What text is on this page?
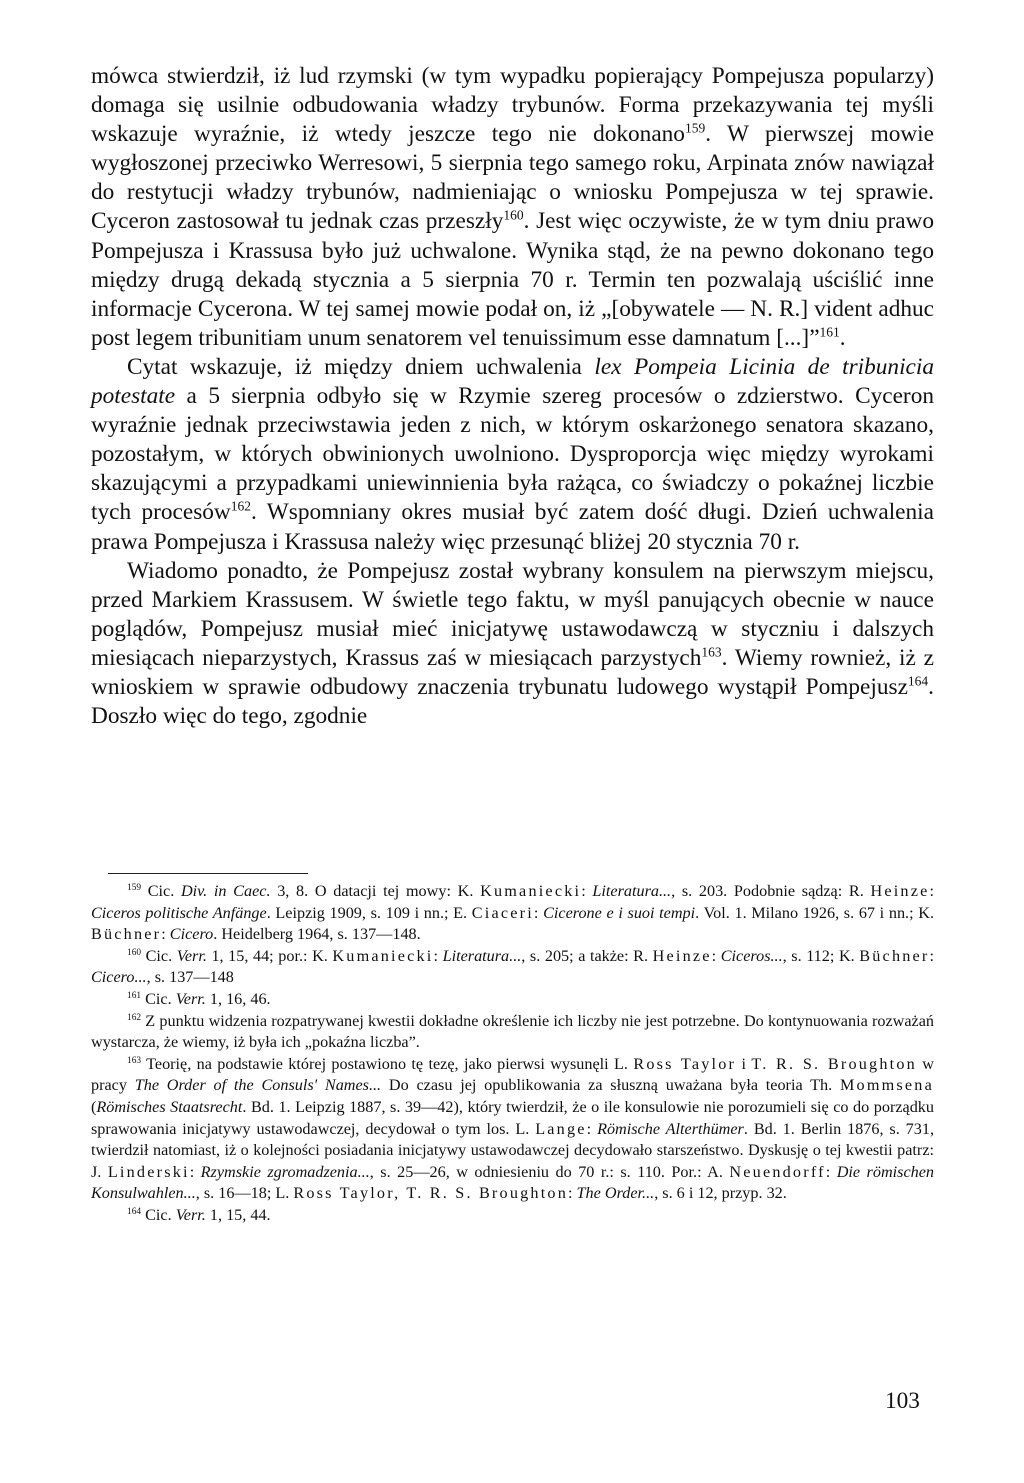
mówca stwierdził, iż lud rzymski (w tym wypadku popierający Pompejusza popularzy) domaga się usilnie odbudowania władzy trybunów. Forma przekazywania tej myśli wskazuje wyraźnie, iż wtedy jeszcze tego nie dokonano$^{159}$. W pierwszej mowie wygłoszonej przeciwko Werresowi, 5 sierpnia tego samego roku, Arpinata znów nawiązał do restytucji władzy trybunów, nadmieniając o wniosku Pompejusza w tej sprawie. Cyceron zastosował tu jednak czas przeszły$^{160}$. Jest więc oczywiste, że w tym dniu prawo Pompejusza i Krassusa było już uchwalone. Wynika stąd, że na pewno dokonano tego między drugą dekadą stycznia a 5 sierpnia 70 r. Termin ten pozwalają uściślić inne informacje Cycerona. W tej samej mowie podał on, iż „[obywatele — N. R.] vident adhuc post legem tribunitiam unum senatorem vel tenuissimum esse damnatum [...]”$^{161}$.

Cytat wskazuje, iż między dniem uchwalenia lex Pompeia Licinia de tribunicia potestate a 5 sierpnia odbyło się w Rzymie szereg procesów o zdzierstwo. Cyceron wyraźnie jednak przeciwstawia jeden z nich, w którym oskarżonego senatora skazano, pozostałym, w których obwinionych uwolniono. Dysproporcja więc między wyrokami skazującymi a przypadkami uniewinnienia była rażąca, co świadczy o pokaźnej liczbie tych procesów$^{162}$. Wspomniany okres musiał być zatem dość długi. Dzień uchwalenia prawa Pompejusza i Krassusa należy więc przesunąć bliżej 20 stycznia 70 r.

Wiadomo ponadto, że Pompejusz został wybrany konsulem na pierwszym miejscu, przed Markiem Krassusem. W świetle tego faktu, w myśl panujących obecnie w nauce poglądów, Pompejusz musiał mieć inicjatywę ustawodawczą w styczniu i dalszych miesiącach nieparzystych, Krassus zaś w miesiącach parzystych$^{163}$. Wiemy rownież, iż z wnioskiem w sprawie odbudowy znaczenia trybunatu ludowego wystąpił Pompejusz$^{164}$. Doszło więc do tego, zgodnie

$^{159}$ Cic. Div. in Caec. 3, 8. O datacji tej mowy: K. Kumaniecki: Literatura..., s. 203. Podobnie sądzą: R. Heinze: Ciceros politische Anfänge. Leipzig 1909, s. 109 i nn.; E. Ciaceri: Cicerone e i suoi tempi. Vol. 1. Milano 1926, s. 67 i nn.; K. Büchner: Cicero. Heidelberg 1964, s. 137—148.

$^{160}$ Cic. Verr. 1, 15, 44; por.: K. Kumaniecki: Literatura..., s. 205; a także: R. Heinze: Ciceros..., s. 112; K. Büchner: Cicero..., s. 137—148

$^{161}$ Cic. Verr. 1, 16, 46.

$^{162}$ Z punktu widzenia rozpatrywanej kwestii dokładne określenie ich liczby nie jest potrzebne. Do kontynuowania rozważań wystarcza, że wiemy, iż była ich „pokaźna liczba”.

$^{163}$ Teorię, na podstawie której postawiono tę tezę, jako pierwsi wysunęli L. Ross Taylor i T. R. S. Broughton w pracy The Order of the Consuls' Names... Do czasu jej opublikowania za słuszną uważana była teoria Th. Mommsena (Römisches Staatsrecht. Bd. 1. Leipzig 1887, s. 39—42), który twierdził, że o ile konsulowie nie porozumieli się co do porządku sprawowania inicjatywy ustawodawczej, decydował o tym los. L. Lange: Römische Alterthümer. Bd. 1. Berlin 1876, s. 731, twierdził natomiast, iż o kolejności posiadania inicjatywy ustawodawczej decydowało starszeństwo. Dyskusję o tej kwestii patrz: J. Linderski: Rzymskie zgromadzenia..., s. 25—26, w odniesieniu do 70 r.: s. 110. Por.: A. Neuendorff: Die römischen Konsulwahlen..., s. 16—18; L. Ross Taylor, T. R. S. Broughton: The Order..., s. 6 i 12, przyp. 32.

$^{164}$ Cic. Verr. 1, 15, 44.

103
